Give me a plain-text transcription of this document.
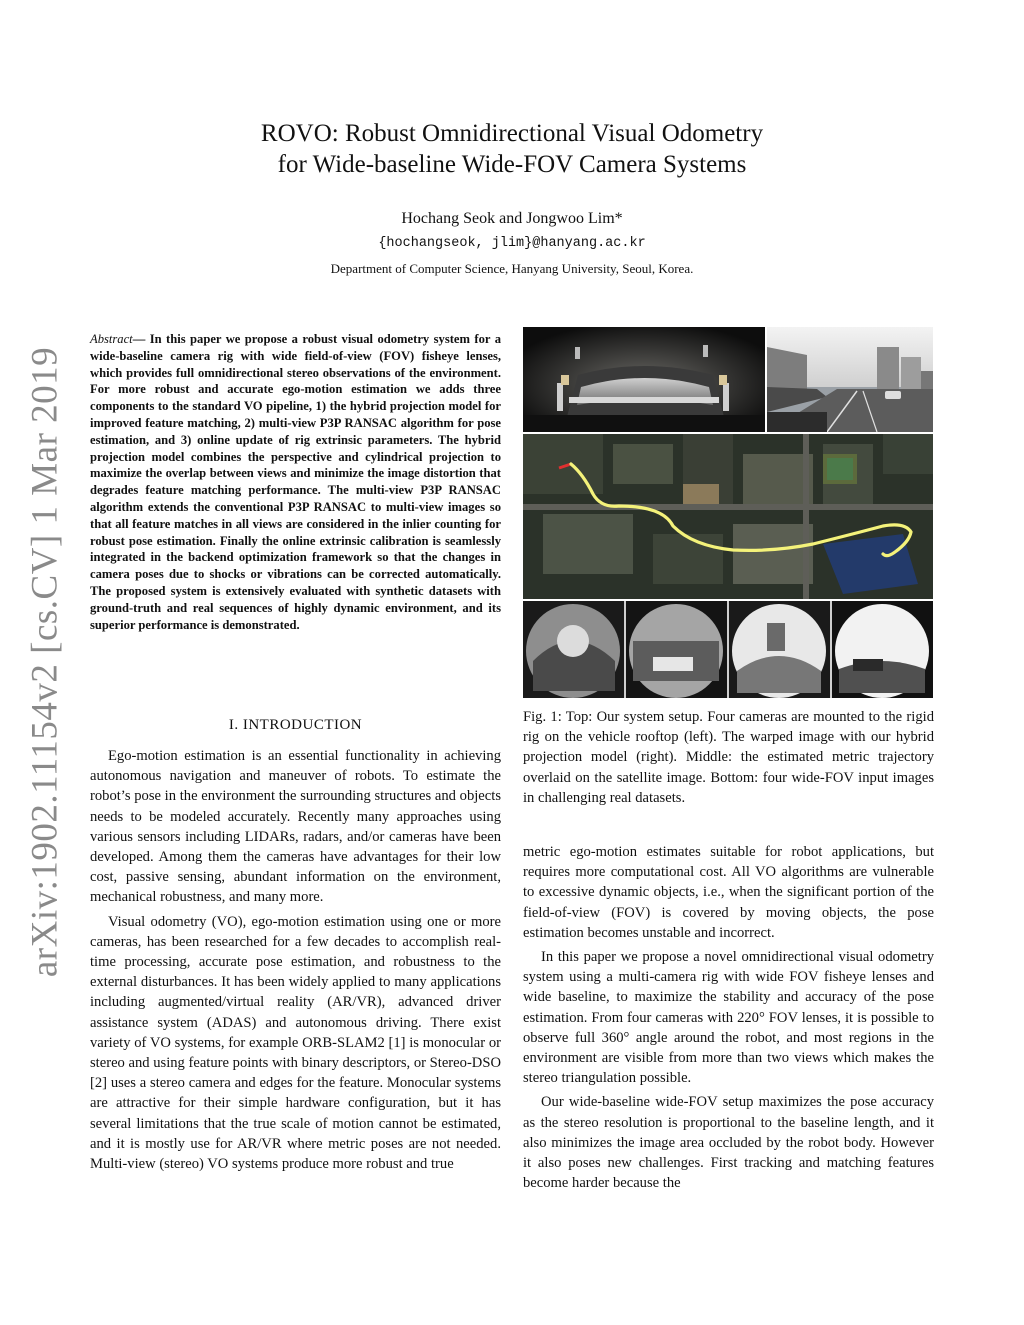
arXiv:1902.11154v2 [cs.CV] 1 Mar 2019
ROVO: Robust Omnidirectional Visual Odometry
for Wide-baseline Wide-FOV Camera Systems
Hochang Seok and Jongwoo Lim*
{hochangseok, jlim}@hanyang.ac.kr
Department of Computer Science, Hanyang University, Seoul, Korea.
Abstract— In this paper we propose a robust visual odometry system for a wide-baseline camera rig with wide field-of-view (FOV) fisheye lenses, which provides full omnidirectional stereo observations of the environment. For more robust and accurate ego-motion estimation we adds three components to the standard VO pipeline, 1) the hybrid projection model for improved feature matching, 2) multi-view P3P RANSAC algorithm for pose estimation, and 3) online update of rig extrinsic parameters. The hybrid projection model combines the perspective and cylindrical projection to maximize the overlap between views and minimize the image distortion that degrades feature matching performance. The multi-view P3P RANSAC algorithm extends the conventional P3P RANSAC to multi-view images so that all feature matches in all views are considered in the inlier counting for robust pose estimation. Finally the online extrinsic calibration is seamlessly integrated in the backend optimization framework so that the changes in camera poses due to shocks or vibrations can be corrected automatically. The proposed system is extensively evaluated with synthetic datasets with ground-truth and real sequences of highly dynamic environment, and its superior performance is demonstrated.
I. INTRODUCTION

Ego-motion estimation is an essential functionality in achieving autonomous navigation and maneuver of robots. To estimate the robot’s pose in the environment the surrounding structures and objects needs to be modeled accurately. Recently many approaches using various sensors including LIDARs, radars, and/or cameras have been developed. Among them the cameras have advantages for their low cost, passive sensing, abundant information on the environment, mechanical robustness, and many more.

Visual odometry (VO), ego-motion estimation using one or more cameras, has been researched for a few decades to accomplish real-time processing, accurate pose estimation, and robustness to the external disturbances. It has been widely applied to many applications including augmented/virtual reality (AR/VR), advanced driver assistance system (ADAS) and autonomous driving. There exist variety of VO systems, for example ORB-SLAM2 [1] is monocular or stereo and using feature points with binary descriptors, or Stereo-DSO [2] uses a stereo camera and edges for the feature. Monocular systems are attractive for their simple hardware configuration, but it has several limitations that the true scale of motion cannot be estimated, and it is mostly use for AR/VR where metric poses are not needed. Multi-view (stereo) VO systems produce more robust and true

Fig. 1: Top: Our system setup. Four cameras are mounted to the rigid rig on the vehicle rooftop (left). The warped image with our hybrid projection model (right). Middle: the estimated metric trajectory overlaid on the satellite image. Bottom: four wide-FOV input images in challenging real datasets.

metric ego-motion estimates suitable for robot applications, but requires more computational cost. All VO algorithms are vulnerable to excessive dynamic objects, i.e., when the significant portion of the field-of-view (FOV) is covered by moving objects, the pose estimation becomes unstable and incorrect.

In this paper we propose a novel omnidirectional visual odometry system using a multi-camera rig with wide FOV fisheye lenses and wide baseline, to maximize the stability and accuracy of the pose estimation. From four cameras with 220° FOV lenses, it is possible to observe full 360° angle around the robot, and most regions in the environment are visible from more than two views which makes the stereo triangulation possible.

Our wide-baseline wide-FOV setup maximizes the pose accuracy as the stereo resolution is proportional to the baseline length, and it also minimizes the image area occluded by the robot body. However it also poses new challenges. First tracking and matching features become harder because the
